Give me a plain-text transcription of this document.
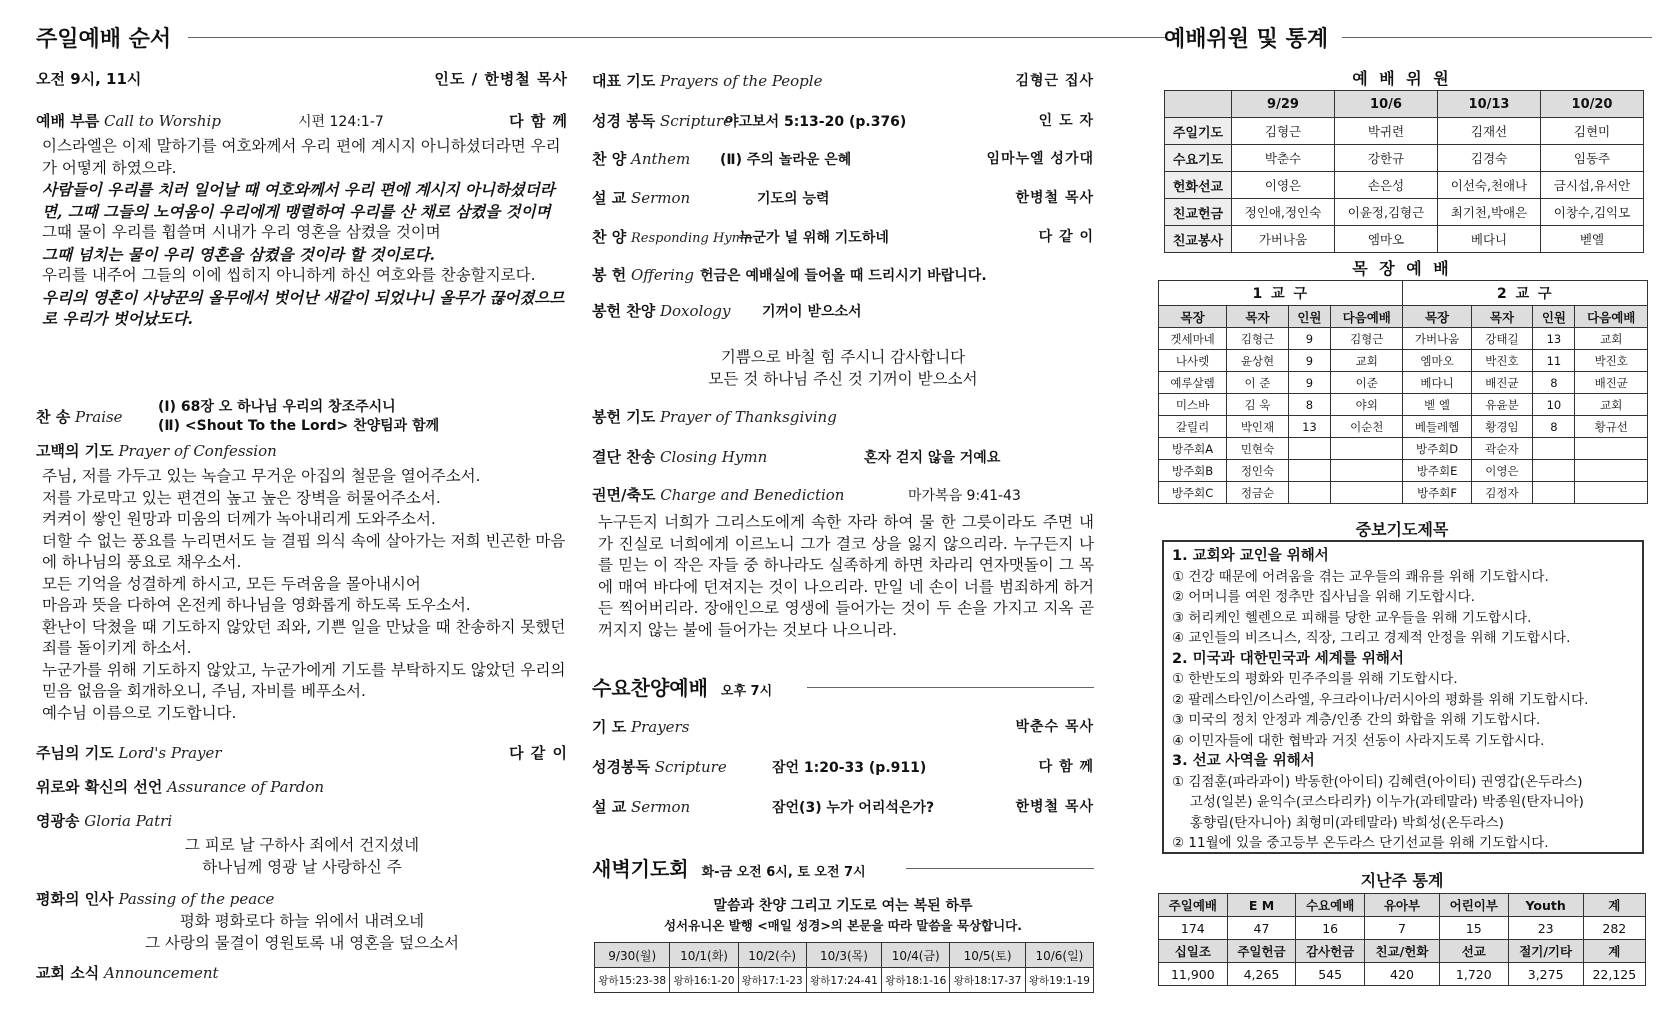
주일예배 순서
오전 9시, 11시	인도 / 한병철 목사
예배 부름 Call to Worship	시편 124:1-7	다 함 께

이스라엘은 이제 말하기를 여호와께서 우리 편에 계시지 아니하셨더라면 우리가 어떻게 하였으랴.

사람들이 우리를 치러 일어날 때 여호와께서 우리 편에 계시지 아니하셨더라면, 그때 그들의 노여움이 우리에게 맹렬하여 우리를 산 채로 삼켰을 것이며

그때 물이 우리를 휩쓸며 시내가 우리 영혼을 삼켰을 것이며

그때 넘치는 물이 우리 영혼을 삼켰을 것이라 할 것이로다.

우리를 내주어 그들의 이에 씹히지 아니하게 하신 여호와를 찬송할지로다.

우리의 영혼이 사냥꾼의 올무에서 벗어난 새같이 되었나니 올무가 끊어졌으므로 우리가 벗어났도다.

찬 송 Praise
(Ⅰ) 68장 오 하나님 우리의 창조주시니
(Ⅱ) <Shout To the Lord> 찬양팀과 함께
고백의 기도 Prayer of Confession

주님, 저를 가두고 있는 녹슬고 무거운 아집의 철문을 열어주소서.

저를 가로막고 있는 편견의 높고 높은 장벽을 허물어주소서.

켜켜이 쌓인 원망과 미움의 더께가 녹아내리게 도와주소서.

더할 수 없는 풍요를 누리면서도 늘 결핍 의식 속에 살아가는 저희 빈곤한 마음에 하나님의 풍요로 채우소서.

모든 기억을 성결하게 하시고, 모든 두려움을 몰아내시어

마음과 뜻을 다하여 온전케 하나님을 영화롭게 하도록 도우소서.

환난이 닥쳤을 때 기도하지 않았던 죄와, 기쁜 일을 만났을 때 찬송하지 못했던 죄를 돌이키게 하소서.

누군가를 위해 기도하지 않았고, 누군가에게 기도를 부탁하지도 않았던 우리의 믿음 없음을 회개하오니, 주님, 자비를 베푸소서.

예수님 이름으로 기도합니다.

주님의 기도 Lord's Prayer	다 같 이
위로와 확신의 선언 Assurance of Pardon
영광송 Gloria Patri
그 피로 날 구하사 죄에서 건지셨네
하나님께 영광 날 사랑하신 주
평화의 인사 Passing of the peace
평화 평화로다 하늘 위에서 내려오네
그 사랑의 물결이 영원토록 내 영혼을 덮으소서
교회 소식 Announcement
대표 기도 Prayers of the People	김형근 집사
성경 봉독 Scripture
야고보서 5:13-20 (p.376)	인 도 자
찬 양 Anthem (Ⅱ) 주의 놀라운 은혜	임마누엘 성가대
설 교 Sermon	기도의 능력	한병철 목사
찬 양 Responding Hymn
누군가 널 위해 기도하네	다 같 이
봉 헌 Offering 헌금은 예배실에 들어올 때 드리시기 바랍니다.
봉헌 찬양 Doxology 기꺼이 받으소서
기쁨으로 바칠 힘 주시니 감사합니다
모든 것 하나님 주신 것 기꺼이 받으소서
봉헌 기도 Prayer of Thanksgiving
결단 찬송 Closing Hymn	혼자 걷지 않을 거예요
권면/축도 Charge and Benediction	마가복음 9:41-43
누구든지 너희가 그리스도에게 속한 자라 하여 물 한 그릇이라도 주면 내가 진실로 너희에게 이르노니 그가 결코 상을 잃지 않으리라. 누구든지 나를 믿는 이 작은 자들 중 하나라도 실족하게 하면 차라리 연자맷돌이 그 목에 매여 바다에 던져지는 것이 나으리라. 만일 네 손이 너를 범죄하게 하거든 찍어버리라. 장애인으로 영생에 들어가는 것이 두 손을 가지고 지옥 곧 꺼지지 않는 불에 들어가는 것보다 나으니라.
수요찬양예배 오후 7시
기 도 Prayers	박춘수 목사
성경봉독 Scripture	잠언 1:20-33 (p.911)	다 함 께
설 교 Sermon	잠언(3) 누가 어리석은가?	한병철 목사
새벽기도회 화-금 오전 6시, 토 오전 7시
말씀과 찬양 그리고 기도로 여는 복된 하루
성서유니온 발행 <매일 성경>의 본문을 따라 말씀을 묵상합니다.
9/30(월)	10/1(화)	10/2(수)	10/3(목)	10/4(금)	10/5(토)	10/6(일)
왕하15:23-38	왕하16:1-20	왕하17:1-23	왕하17:24-41	왕하18:1-16	왕하18:17-37	왕하19:1-19
예배위원 및 통계
예 배 위 원
	9/29	10/6	10/13	10/20
주일기도	김형근	박귀련	김재선	김현미
수요기도	박춘수	강한규	김경숙	임동주
헌화선교	이영은	손은성	이선숙,천애나	금시섭,유서안
친교헌금	정인애,정인숙	이윤정,김형근	최기천,박애은	이창수,김익모
친교봉사	가버나움	엠마오	베다니	벧엘
목 장 예 배
1 교 구				2 교 구			
목장	목자	인원	다음예배	목장	목자	인원	다음예배
겟세마네	김형근	9	김형근	가버나움	강태길	13	교회
나사렛	윤상현	9	교회	엠마오	박진호	11	박진호
예루살렘	이 준	9	이준	베다니	배진균	8	배진균
미스바	김 욱	8	야외	벧 엘	유윤분	10	교회
갈릴리	박인재	13	이순천	베들레헴	황경임	8	황규선
방주회A	민현숙			방주회D	곽순자		
방주회B	정인숙			방주회E	이영은		
방주회C	정금순			방주회F	김정자		
중보기도제목
1. 교회와 교인을 위해서
① 건강 때문에 어려움을 겪는 교우들의 쾌유를 위해 기도합시다.
② 어머니를 여읜 정추만 집사님을 위해 기도합시다.
③ 허리케인 헬렌으로 피해를 당한 교우들을 위해 기도합시다.
④ 교인들의 비즈니스, 직장, 그리고 경제적 안정을 위해 기도합시다.
2. 미국과 대한민국과 세계를 위해서
① 한반도의 평화와 민주주의를 위해 기도합시다.
② 팔레스타인/이스라엘, 우크라이나/러시아의 평화를 위해 기도합시다.
③ 미국의 정치 안정과 계층/인종 간의 화합을 위해 기도합시다.
④ 이민자들에 대한 협박과 거짓 선동이 사라지도록 기도합시다.
3. 선교 사역을 위해서
① 김점훈(파라과이) 박동한(아이티) 김혜련(아이티) 권영갑(온두라스)
　 고성(일본) 윤익수(코스타리카) 이누가(과테말라) 박종원(탄자니아)
　 홍향림(탄자니아) 최형미(과테말라) 박희성(온두라스)
② 11월에 있을 중고등부 온두라스 단기선교를 위해 기도합시다.
지난주 통계
주일예배	E M	수요예배	유아부	어린이부	Youth	계
174	47	16	7	15	23	282
십일조	주일헌금	감사헌금	친교/헌화	선교	절기/기타	계
11,900	4,265	545	420	1,720	3,275	22,125
